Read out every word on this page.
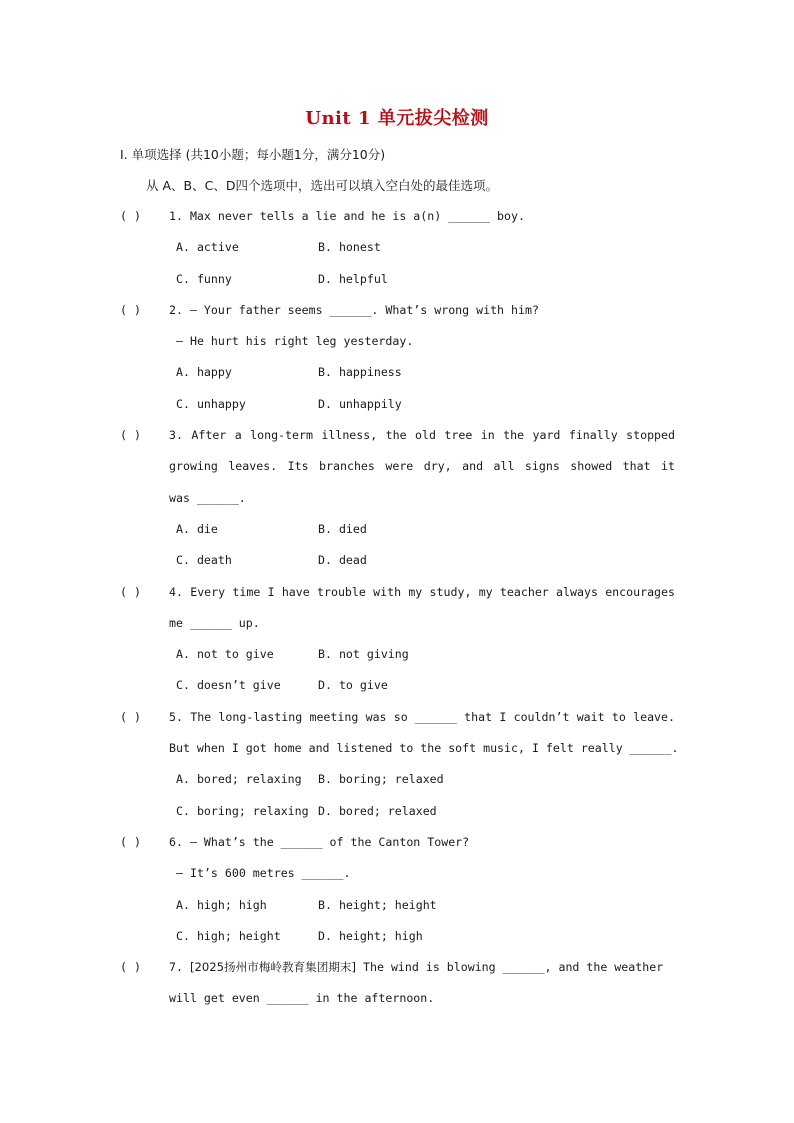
Unit 1 单元拔尖检测
I. 单项选择 (共10小题；每小题1分，满分10分)
从 A、B、C、D四个选项中，选出可以填入空白处的最佳选项。
( ) 1. Max never tells a lie and he is a(n) ______ boy.
A. active	B. honest
C. funny	D. helpful
( ) 2. — Your father seems ______. What’s wrong with him?
— He hurt his right leg yesterday.
A. happy	B. happiness
C. unhappy	D. unhappily
( ) 3. After a long-term illness, the old tree in the yard finally stopped
growing leaves. Its branches were dry, and all signs showed that it
was ______.
A. die	B. died
C. death	D. dead
( ) 4. Every time I have trouble with my study, my teacher always encourages
me ______ up.
A. not to give	B. not giving
C. doesn’t give	D. to give
( ) 5. The long-lasting meeting was so ______ that I couldn’t wait to leave.
But when I got home and listened to the soft music, I felt really ______.
A. bored; relaxing B. boring; relaxed
C. boring; relaxing D. bored; relaxed
( ) 6. — What’s the ______ of the Canton Tower?
— It’s 600 metres ______.
A. high; high	B. height; height
C. high; height	D. height; high
( ) 7. [2025扬州市梅岭教育集团期末] The wind is blowing ______, and the weather
will get even ______ in the afternoon.
